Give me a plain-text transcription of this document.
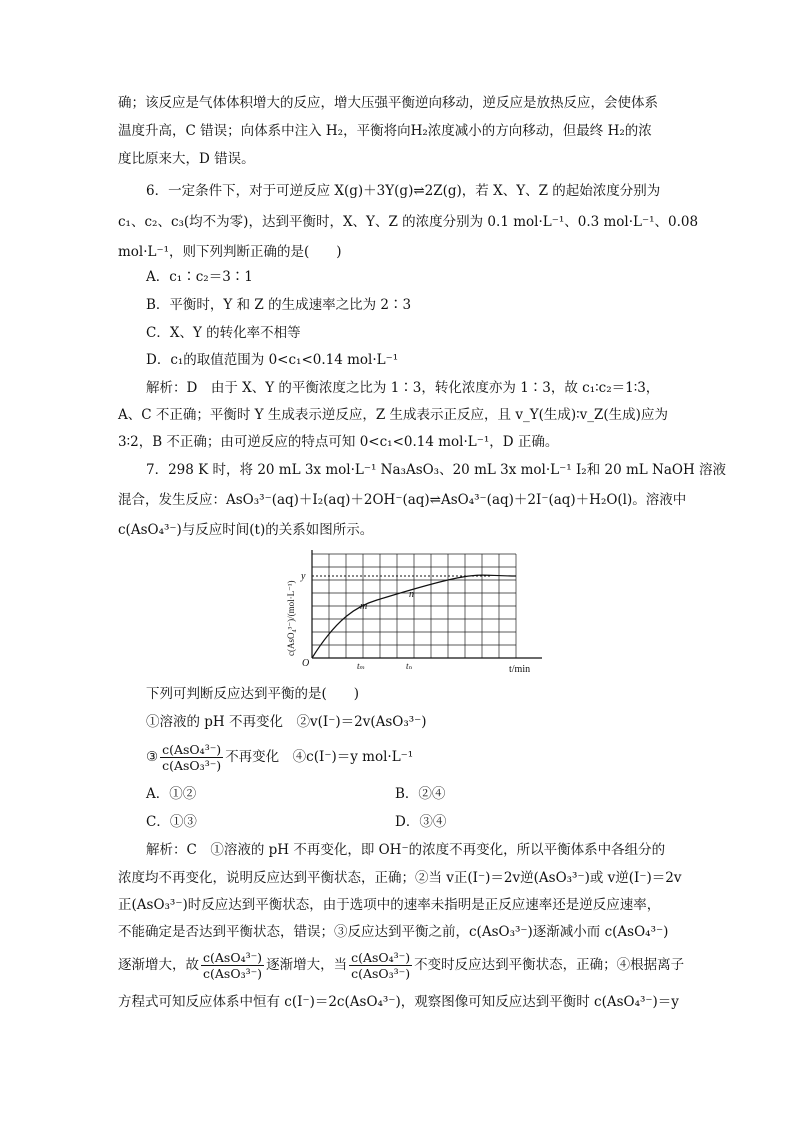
确；该反应是气体体积增大的反应，增大压强平衡逆向移动，逆反应是放热反应，会使体系
温度升高，C 错误；向体系中注入 H₂，平衡将向H₂浓度减小的方向移动，但最终 H₂的浓
度比原来大，D 错误。
6．一定条件下，对于可逆反应 X(g)＋3Y(g)⇌2Z(g)，若 X、Y、Z 的起始浓度分别为
c₁、c₂、c₃(均不为零)，达到平衡时，X、Y、Z 的浓度分别为 0.1 mol·L⁻¹、0.3 mol·L⁻¹、0.08
mol·L⁻¹，则下列判断正确的是(　　)
A．c₁∶c₂＝3∶1
B．平衡时，Y 和 Z 的生成速率之比为 2∶3
C．X、Y 的转化率不相等
D．c₁的取值范围为 0<c₁<0.14 mol·L⁻¹
解析：D　由于 X、Y 的平衡浓度之比为 1∶3，转化浓度亦为 1∶3，故 c₁∶c₂＝1∶3，
A、C 不正确；平衡时 Y 生成表示逆反应，Z 生成表示正反应，且 v_Y(生成)∶v_Z(生成)应为
3∶2，B 不正确；由可逆反应的特点可知 0<c₁<0.14 mol·L⁻¹，D 正确。
7．298 K 时，将 20 mL 3x mol·L⁻¹ Na₃AsO₃、20 mL 3x mol·L⁻¹ I₂和 20 mL NaOH 溶液
混合，发生反应：AsO₃³⁻(aq)＋I₂(aq)＋2OH⁻(aq)⇌AsO₄³⁻(aq)＋2I⁻(aq)＋H₂O(l)。溶液中
c(AsO₄³⁻)与反应时间(t)的关系如图所示。
c(AsO₄³⁻)/(mol·L⁻¹)
t/min
O
y
tₘ	tₙ
m
n
下列可判断反应达到平衡的是(　　)
①溶液的 pH 不再变化　②v(I⁻)＝2v(AsO₃³⁻)
③ $\frac{\text{c(AsO₄³⁻)}}{\text{c(AsO₃³⁻)}}$ 不再变化　④c(I⁻)＝y mol·L⁻¹
A．①②	B．②④
C．①③	D．③④
解析：C　①溶液的 pH 不再变化，即 OH⁻的浓度不再变化，所以平衡体系中各组分的
浓度均不再变化，说明反应达到平衡状态，正确；②当 v正(I⁻)＝2v逆(AsO₃³⁻)或 v逆(I⁻)＝2v
正(AsO₃³⁻)时反应达到平衡状态，由于选项中的速率未指明是正反应速率还是逆反应速率，
不能确定是否达到平衡状态，错误；③反应达到平衡之前，c(AsO₃³⁻)逐渐减小而 c(AsO₄³⁻)
逐渐增大，故 $\frac{\text{c(AsO₄³⁻)}}{\text{c(AsO₃³⁻)}}$ 逐渐增大，当 $\frac{\text{c(AsO₄³⁻)}}{\text{c(AsO₃³⁻)}}$ 不变时反应达到平衡状态，正确；④根据离子
方程式可知反应体系中恒有 c(I⁻)＝2c(AsO₄³⁻)，观察图像可知反应达到平衡时 c(AsO₄³⁻)＝y
